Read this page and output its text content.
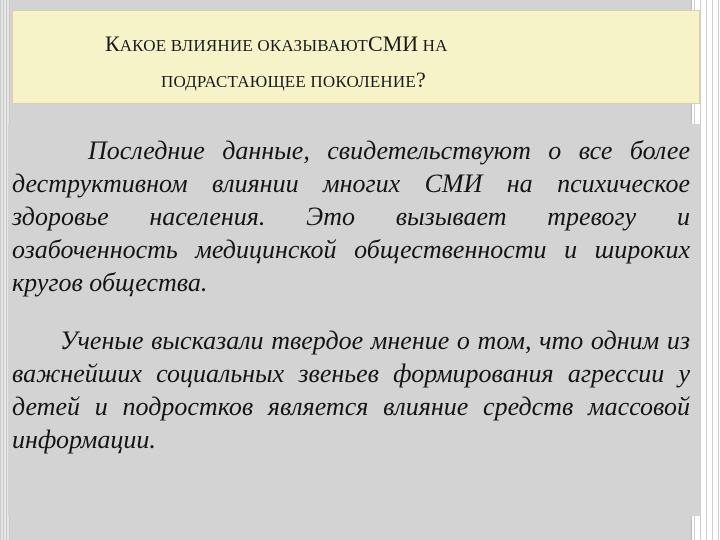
КАКОЕ ВЛИЯНИЕ ОКАЗЫВАЮТСМИ НА
ПОДРАСТАЮЩЕЕ ПОКОЛЕНИЕ?
Последние данные, свидетельствуют о все более деструктивном влиянии многих СМИ на психическое здоровье населения. Это вызывает тревогу и озабоченность медицинской общественности и широких кругов общества.
Ученые высказали твердое мнение о том, что одним из важнейших социальных звеньев формирования агрессии у детей и подростков является влияние средств массовой информации.
